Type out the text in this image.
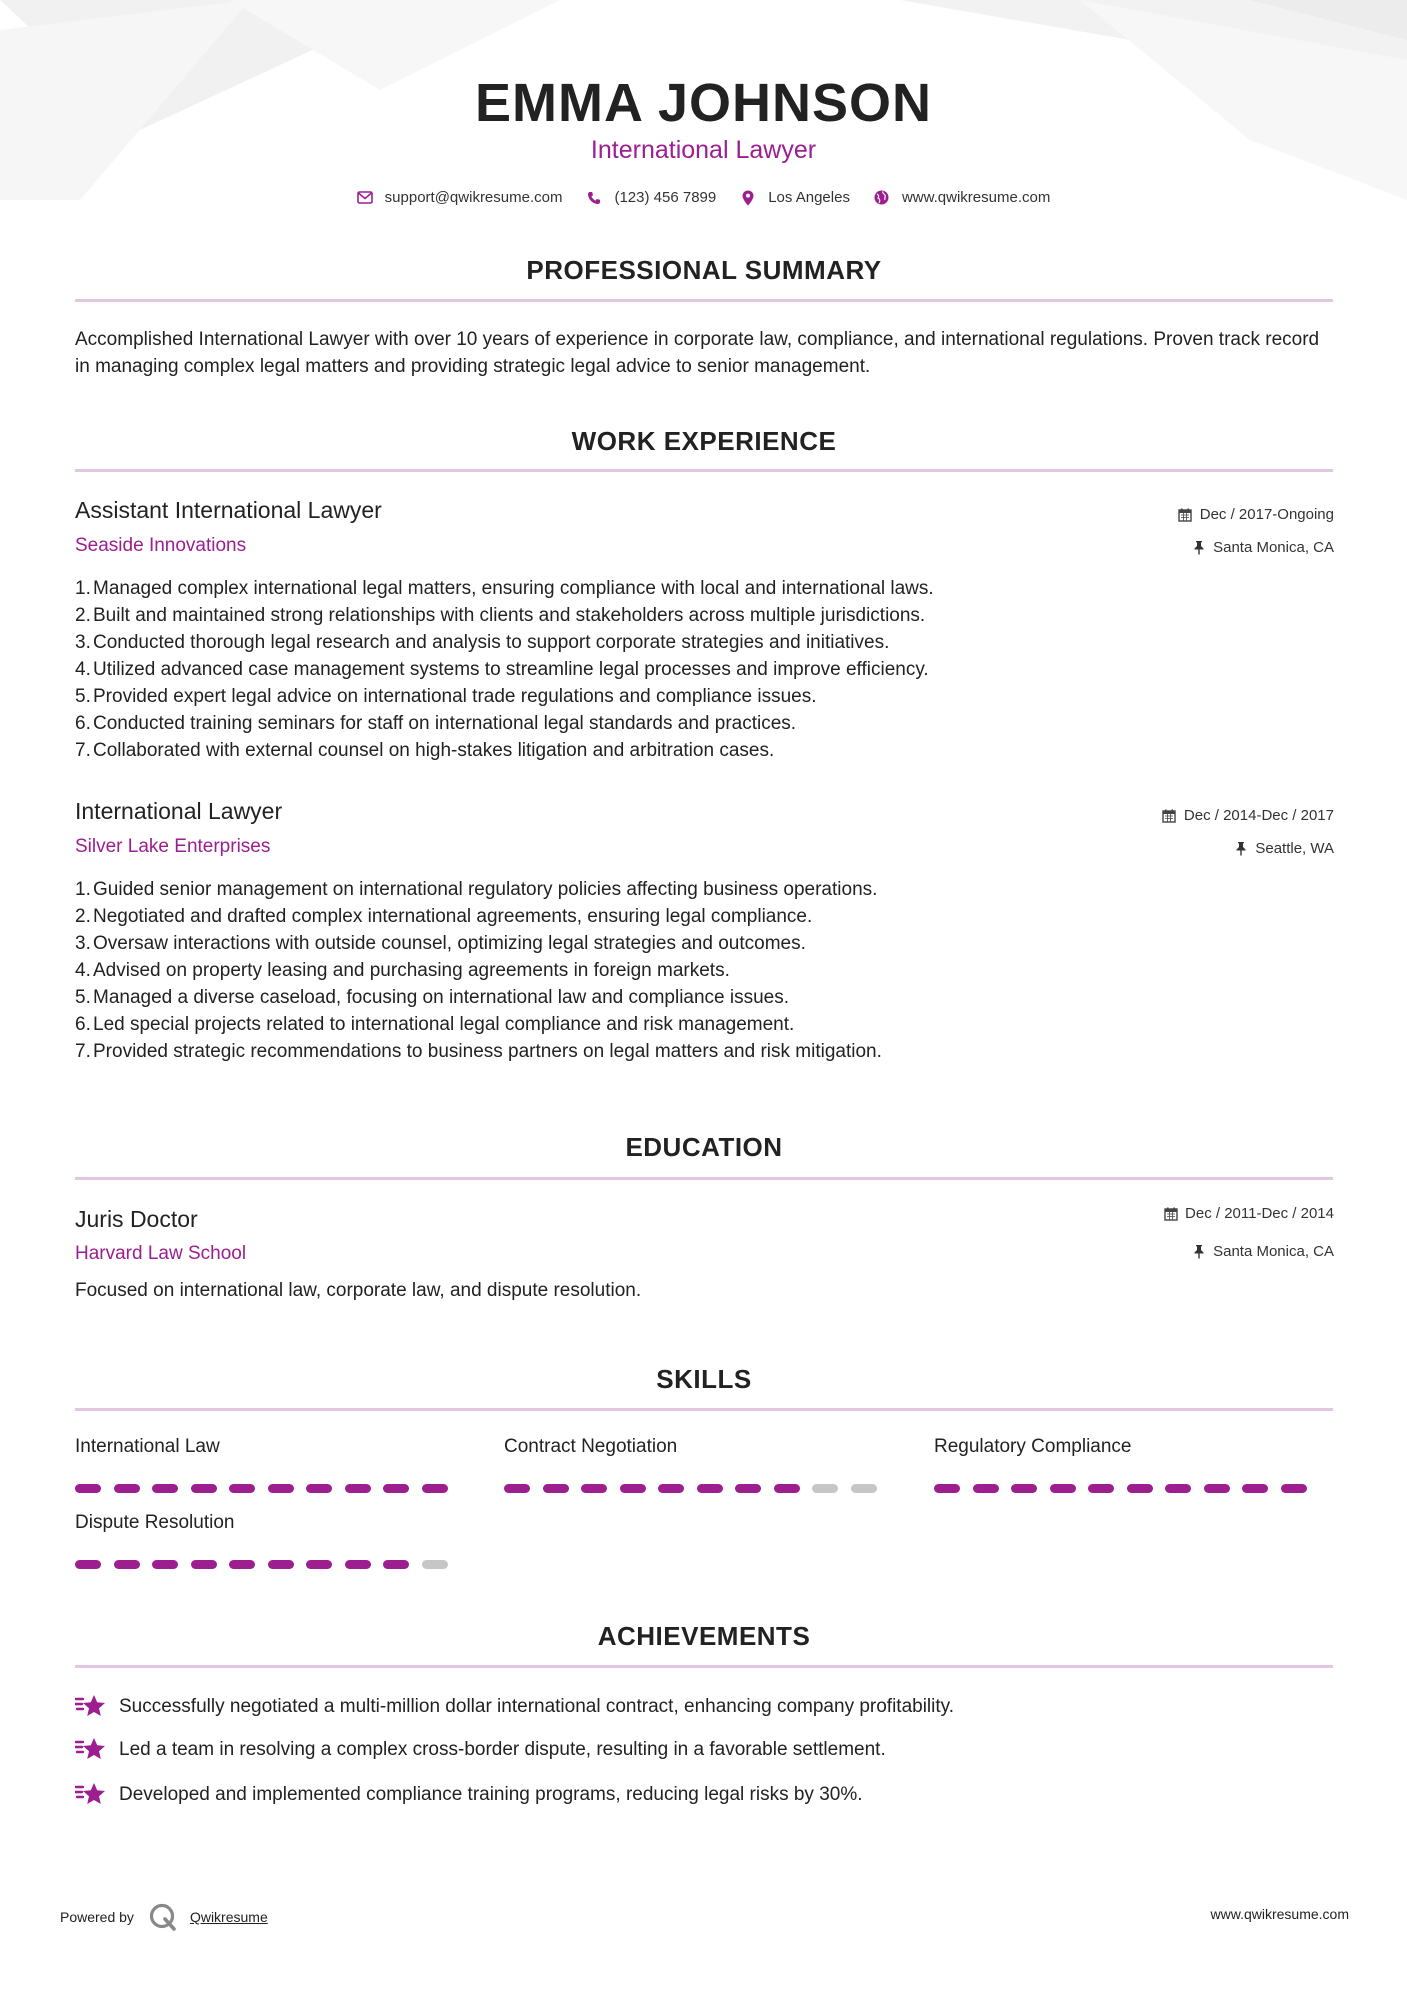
EMMA JOHNSON
International Lawyer
support@qwikresume.com	(123) 456 7899	Los Angeles	www.qwikresume.com
PROFESSIONAL SUMMARY
Accomplished International Lawyer with over 10 years of experience in corporate law, compliance, and international regulations. Proven track record in managing complex legal matters and providing strategic legal advice to senior management.
WORK EXPERIENCE
Assistant International Lawyer
Seaside Innovations
Dec / 2017-Ongoing
Santa Monica, CA
1. Managed complex international legal matters, ensuring compliance with local and international laws.
2. Built and maintained strong relationships with clients and stakeholders across multiple jurisdictions.
3. Conducted thorough legal research and analysis to support corporate strategies and initiatives.
4. Utilized advanced case management systems to streamline legal processes and improve efficiency.
5. Provided expert legal advice on international trade regulations and compliance issues.
6. Conducted training seminars for staff on international legal standards and practices.
7. Collaborated with external counsel on high-stakes litigation and arbitration cases.
International Lawyer
Silver Lake Enterprises
Dec / 2014-Dec / 2017
Seattle, WA
1. Guided senior management on international regulatory policies affecting business operations.
2. Negotiated and drafted complex international agreements, ensuring legal compliance.
3. Oversaw interactions with outside counsel, optimizing legal strategies and outcomes.
4. Advised on property leasing and purchasing agreements in foreign markets.
5. Managed a diverse caseload, focusing on international law and compliance issues.
6. Led special projects related to international legal compliance and risk management.
7. Provided strategic recommendations to business partners on legal matters and risk mitigation.
EDUCATION
Juris Doctor
Harvard Law School
Dec / 2011-Dec / 2014
Santa Monica, CA
Focused on international law, corporate law, and dispute resolution.
SKILLS
International Law	Contract Negotiation	Regulatory Compliance
Dispute Resolution
ACHIEVEMENTS
Successfully negotiated a multi-million dollar international contract, enhancing company profitability.
Led a team in resolving a complex cross-border dispute, resulting in a favorable settlement.
Developed and implemented compliance training programs, reducing legal risks by 30%.
Powered by	Qwikresume	www.qwikresume.com
